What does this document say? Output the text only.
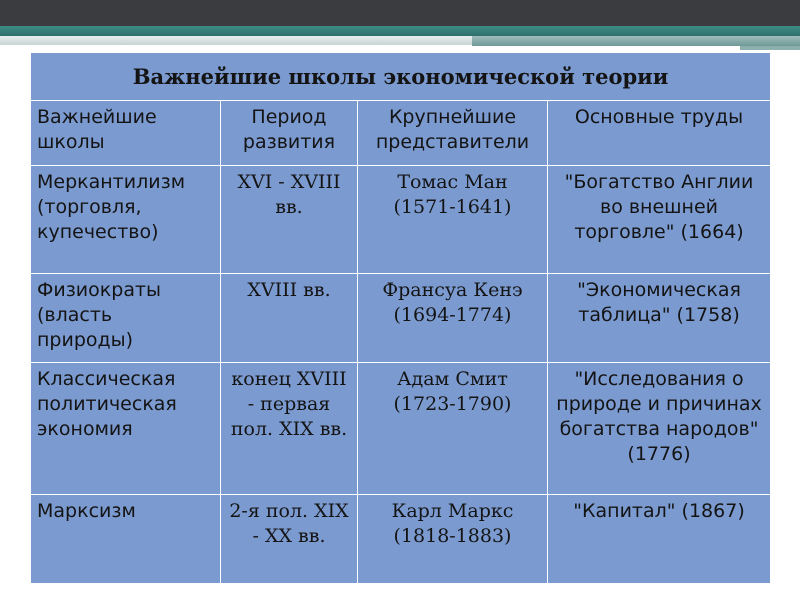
Важнейшие школы экономической теории			
Важнейшие школы	Период развития	Крупнейшие представители	Основные труды
Меркантилизм (торговля, купечество)	XVI - XVIII вв.	Томас Ман (1571-1641)	"Богатство Англии во внешней торговле" (1664)
Физиократы (власть природы)	XVIII вв.	Франсуа Кенэ (1694-1774)	"Экономическая таблица" (1758)
Классическая политическая экономия	конец XVIII - первая пол. XIX вв.	Адам Смит (1723-1790)	"Исследования о природе и причинах богатства народов" (1776)
Марксизм	2-я пол. XIX - XX вв.	Карл Маркс (1818-1883)	"Капитал" (1867)
